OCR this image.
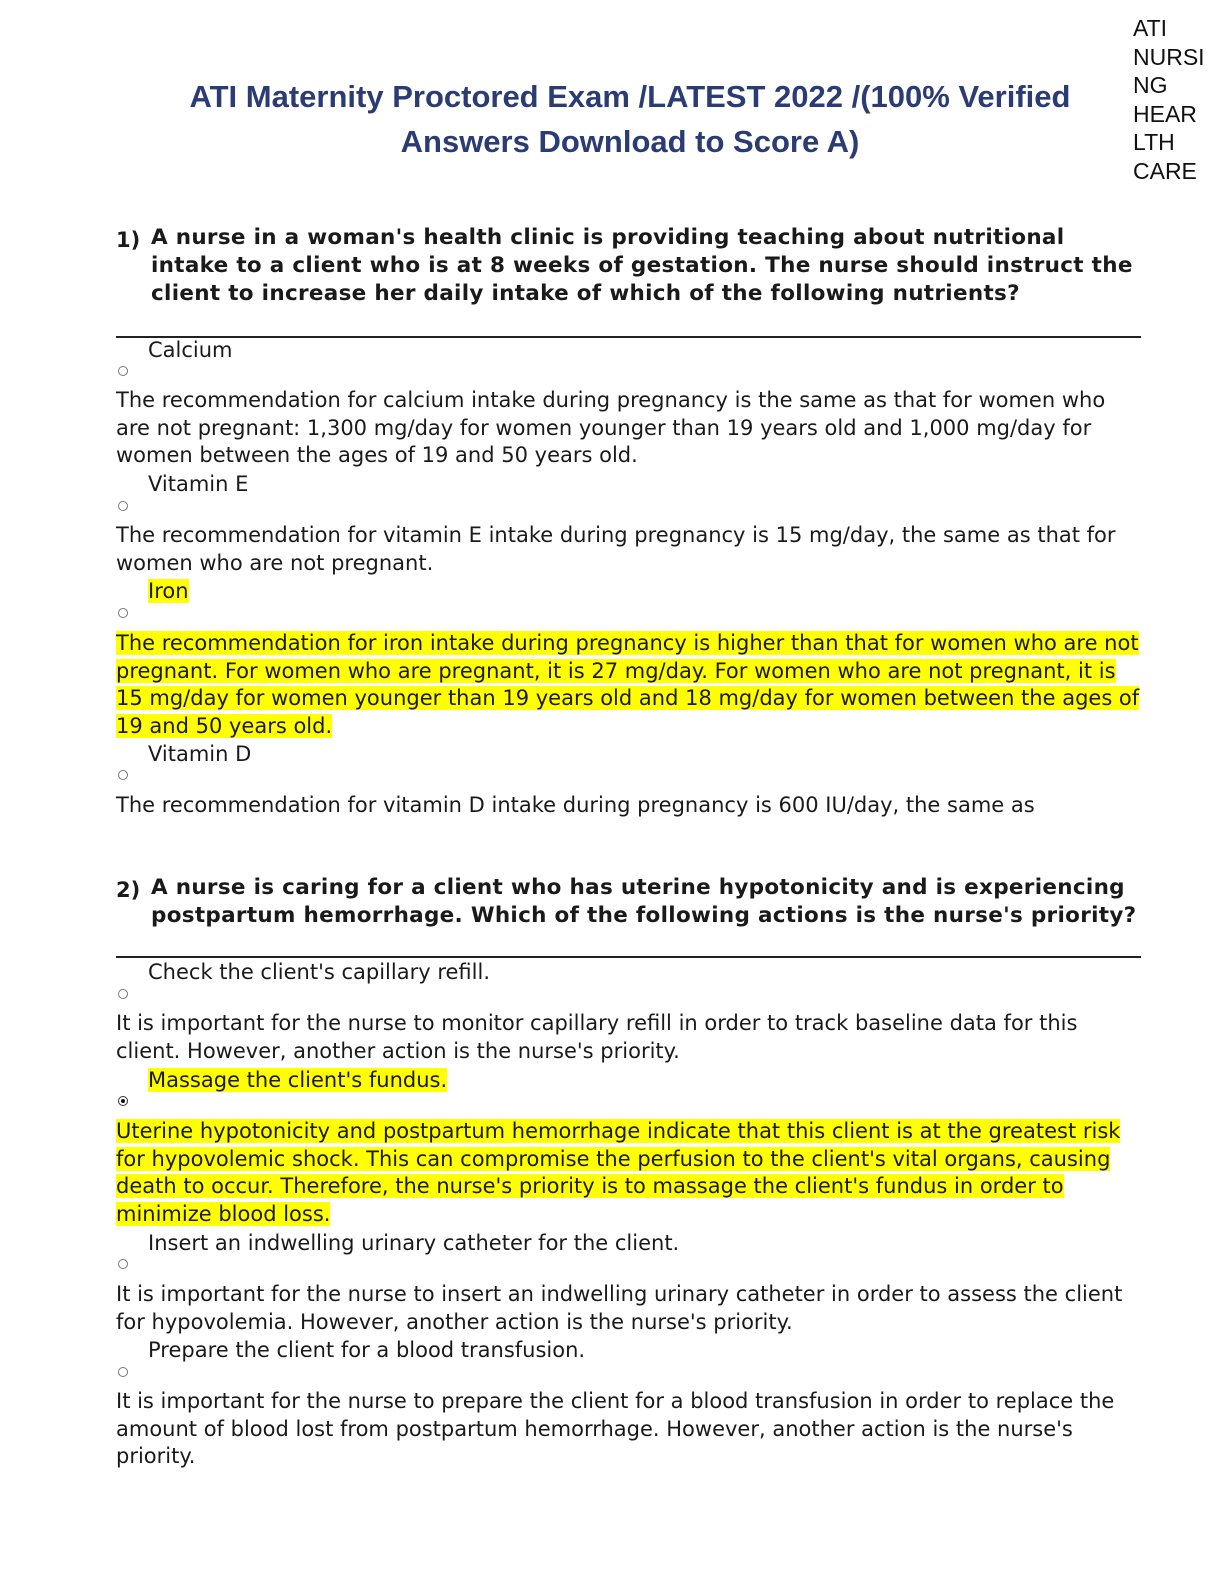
ATI
NURSI
NG
HEAR
LTH
CARE
ATI Maternity Proctored Exam /LATEST 2022 /(100% Verified
Answers Download to Score A)
1) A nurse in a woman's health clinic is providing teaching about nutritional intake to a client who is at 8 weeks of gestation. The nurse should instruct the client to increase her daily intake of which of the following nutrients?
Calcium
The recommendation for calcium intake during pregnancy is the same as that for women who are not pregnant: 1,300 mg/day for women younger than 19 years old and 1,000 mg/day for women between the ages of 19 and 50 years old.
Vitamin E
The recommendation for vitamin E intake during pregnancy is 15 mg/day, the same as that for women who are not pregnant.
Iron
The recommendation for iron intake during pregnancy is higher than that for women who are not pregnant. For women who are pregnant, it is 27 mg/day. For women who are not pregnant, it is 15 mg/day for women younger than 19 years old and 18 mg/day for women between the ages of 19 and 50 years old.
Vitamin D
The recommendation for vitamin D intake during pregnancy is 600 IU/day, the same as
2) A nurse is caring for a client who has uterine hypotonicity and is experiencing postpartum hemorrhage. Which of the following actions is the nurse's priority?
Check the client's capillary refill.
It is important for the nurse to monitor capillary refill in order to track baseline data for this client. However, another action is the nurse's priority.
Massage the client's fundus.
Uterine hypotonicity and postpartum hemorrhage indicate that this client is at the greatest risk for hypovolemic shock. This can compromise the perfusion to the client's vital organs, causing death to occur. Therefore, the nurse's priority is to massage the client's fundus in order to minimize blood loss.
Insert an indwelling urinary catheter for the client.
It is important for the nurse to insert an indwelling urinary catheter in order to assess the client for hypovolemia. However, another action is the nurse's priority.
Prepare the client for a blood transfusion.
It is important for the nurse to prepare the client for a blood transfusion in order to replace the amount of blood lost from postpartum hemorrhage. However, another action is the nurse's priority.
